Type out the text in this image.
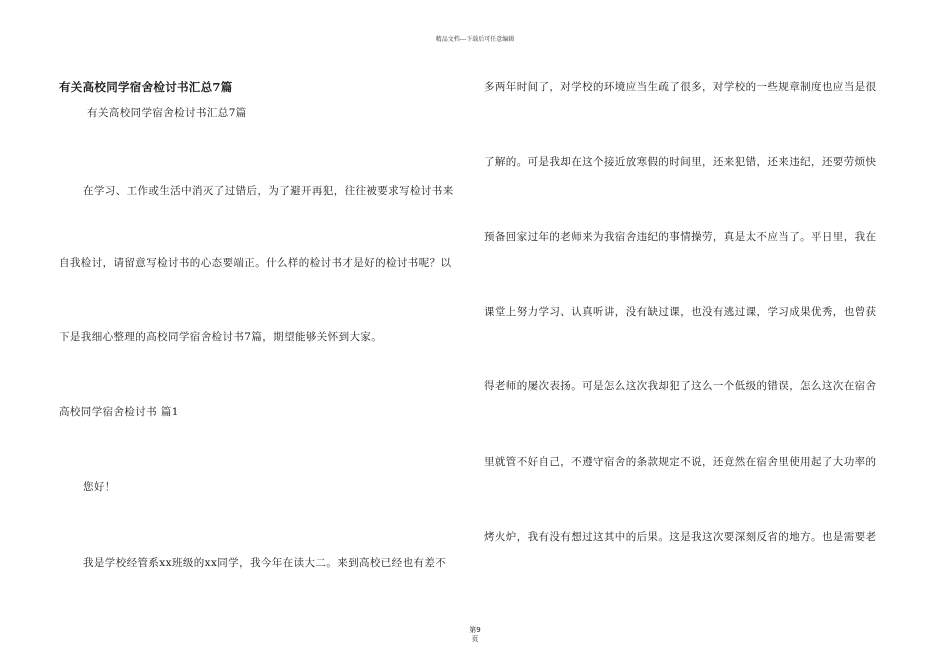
精品文档---下载后可任意编辑
有关高校同学宿舍检讨书汇总7篇
有关高校同学宿舍检讨书汇总7篇
在学习、工作或生活中消灭了过错后，为了避开再犯，往往被要求写检讨书来
自我检讨，请留意写检讨书的心态要端正。什么样的检讨书才是好的检讨书呢？以
下是我细心整理的高校同学宿舍检讨书7篇，期望能够关怀到大家。
高校同学宿舍检讨书 篇1
您好！
我是学校经管系xx班级的xx同学，我今年在读大二。来到高校已经也有差不
多两年时间了，对学校的环境应当生疏了很多，对学校的一些规章制度也应当是很
了解的。可是我却在这个接近放寒假的时间里，还来犯错，还来违纪，还要劳烦快
预备回家过年的老师来为我宿舍违纪的事情操劳，真是太不应当了。平日里，我在
课堂上努力学习、认真听讲，没有缺过课，也没有逃过课，学习成果优秀，也曾获
得老师的屡次表扬。可是怎么这次我却犯了这么一个低级的错误，怎么这次在宿舍
里就管不好自己，不遵守宿舍的条款规定不说，还竟然在宿舍里使用起了大功率的
烤火炉，我有没有想过这其中的后果。这是我这次要深刻反省的地方。也是需要老
第9
页
